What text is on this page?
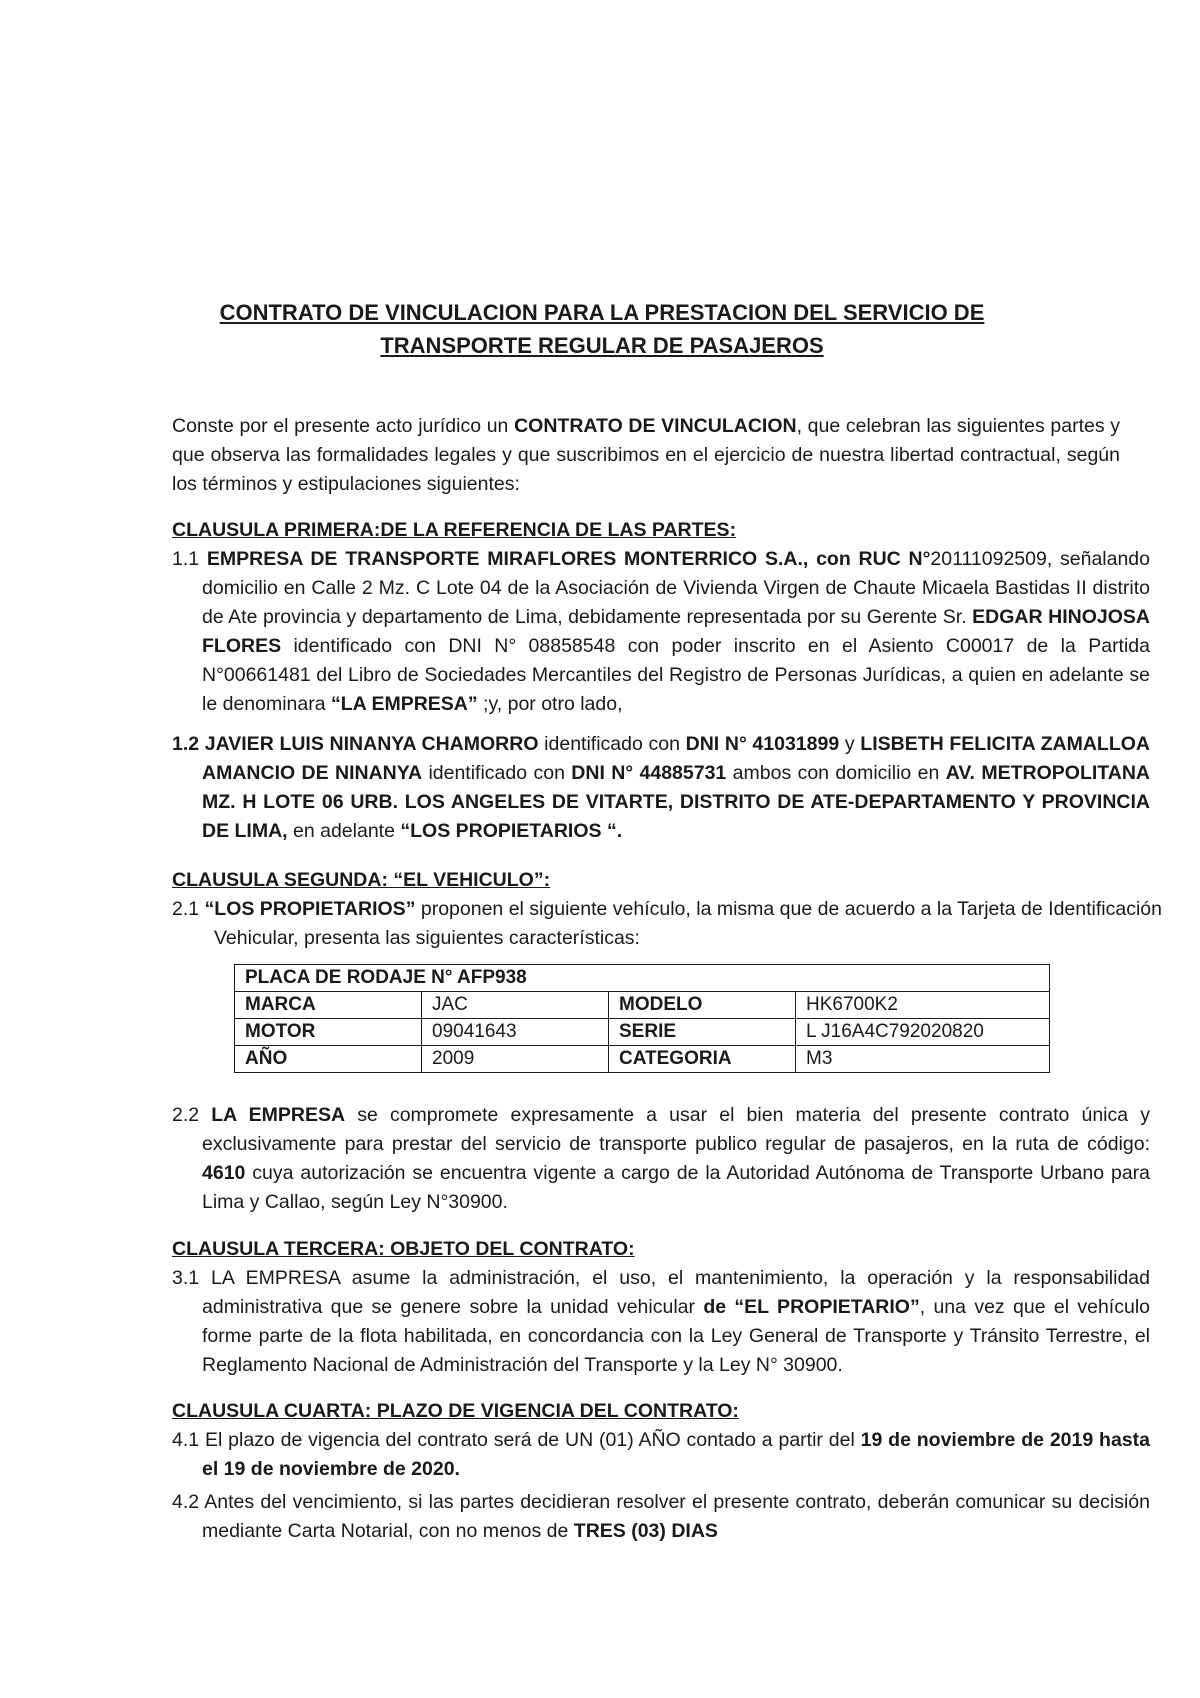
CONTRATO DE VINCULACION PARA LA PRESTACION DEL SERVICIO DE
TRANSPORTE REGULAR DE PASAJEROS
Conste por el presente acto jurídico un CONTRATO DE VINCULACION, que celebran las siguientes partes y que observa las formalidades legales y que suscribimos en el ejercicio de nuestra libertad contractual, según los términos y estipulaciones siguientes:
CLAUSULA PRIMERA:DE LA REFERENCIA DE LAS PARTES:
1.1 EMPRESA DE TRANSPORTE MIRAFLORES MONTERRICO S.A., con RUC N°20111092509, señalando domicilio en Calle 2 Mz. C Lote 04 de la Asociación de Vivienda Virgen de Chaute Micaela Bastidas II distrito de Ate provincia y departamento de Lima, debidamente representada por su Gerente Sr. EDGAR HINOJOSA FLORES identificado con DNI N° 08858548 con poder inscrito en el Asiento C00017 de la Partida N°00661481 del Libro de Sociedades Mercantiles del Registro de Personas Jurídicas, a quien en adelante se le denominara “LA EMPRESA” ;y, por otro lado,
1.2 JAVIER LUIS NINANYA CHAMORRO identificado con DNI N° 41031899 y LISBETH FELICITA ZAMALLOA AMANCIO DE NINANYA identificado con DNI N° 44885731 ambos con domicilio en AV. METROPOLITANA MZ. H LOTE 06 URB. LOS ANGELES DE VITARTE, DISTRITO DE ATE-DEPARTAMENTO Y PROVINCIA DE LIMA, en adelante “LOS PROPIETARIOS “.
CLAUSULA SEGUNDA: “EL VEHICULO”:
2.1 “LOS PROPIETARIOS” proponen el siguiente vehículo, la misma que de acuerdo a la Tarjeta de Identificación Vehicular, presenta las siguientes características:
PLACA DE RODAJE N° AFP938			
MARCA	JAC	MODELO	HK6700K2
MOTOR	09041643	SERIE	L J16A4C792020820
AÑO	2009	CATEGORIA	M3
2.2 LA EMPRESA se compromete expresamente a usar el bien materia del presente contrato única y exclusivamente para prestar del servicio de transporte publico regular de pasajeros, en la ruta de código: 4610 cuya autorización se encuentra vigente a cargo de la Autoridad Autónoma de Transporte Urbano para Lima y Callao, según Ley N°30900.
CLAUSULA TERCERA: OBJETO DEL CONTRATO:
3.1 LA EMPRESA asume la administración, el uso, el mantenimiento, la operación y la responsabilidad administrativa que se genere sobre la unidad vehicular de “EL PROPIETARIO”, una vez que el vehículo forme parte de la flota habilitada, en concordancia con la Ley General de Transporte y Tránsito Terrestre, el Reglamento Nacional de Administración del Transporte y la Ley N° 30900.
CLAUSULA CUARTA: PLAZO DE VIGENCIA DEL CONTRATO:
4.1 El plazo de vigencia del contrato será de UN (01) AÑO contado a partir del 19 de noviembre de 2019 hasta el 19 de noviembre de 2020.
4.2 Antes del vencimiento, si las partes decidieran resolver el presente contrato, deberán comunicar su decisión mediante Carta Notarial, con no menos de TRES (03) DIAS
